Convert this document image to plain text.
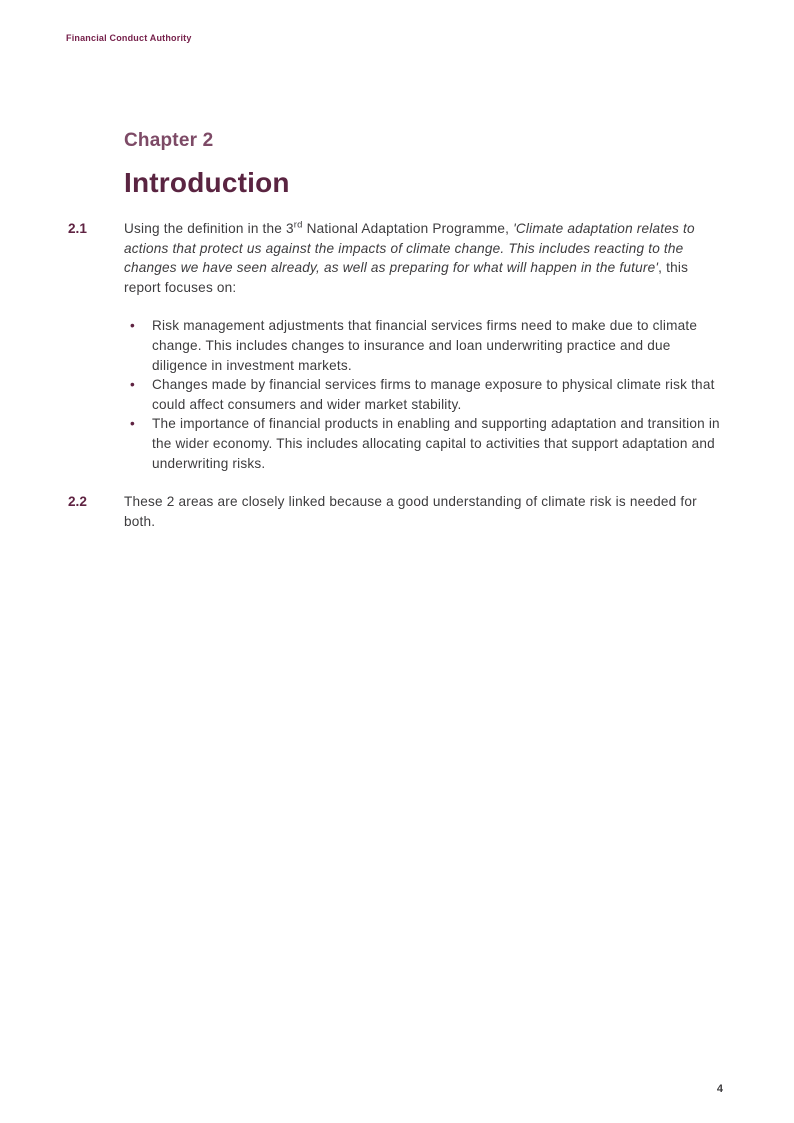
Financial Conduct Authority
Chapter 2
Introduction
2.1	Using the definition in the 3rd National Adaptation Programme, 'Climate adaptation relates to actions that protect us against the impacts of climate change. This includes reacting to the changes we have seen already, as well as preparing for what will happen in the future', this report focuses on:

• Risk management adjustments that financial services firms need to make due to climate change. This includes changes to insurance and loan underwriting practice and due diligence in investment markets.
• Changes made by financial services firms to manage exposure to physical climate risk that could affect consumers and wider market stability.
• The importance of financial products in enabling and supporting adaptation and transition in the wider economy. This includes allocating capital to activities that support adaptation and underwriting risks.
2.2	These 2 areas are closely linked because a good understanding of climate risk is needed for both.

4
